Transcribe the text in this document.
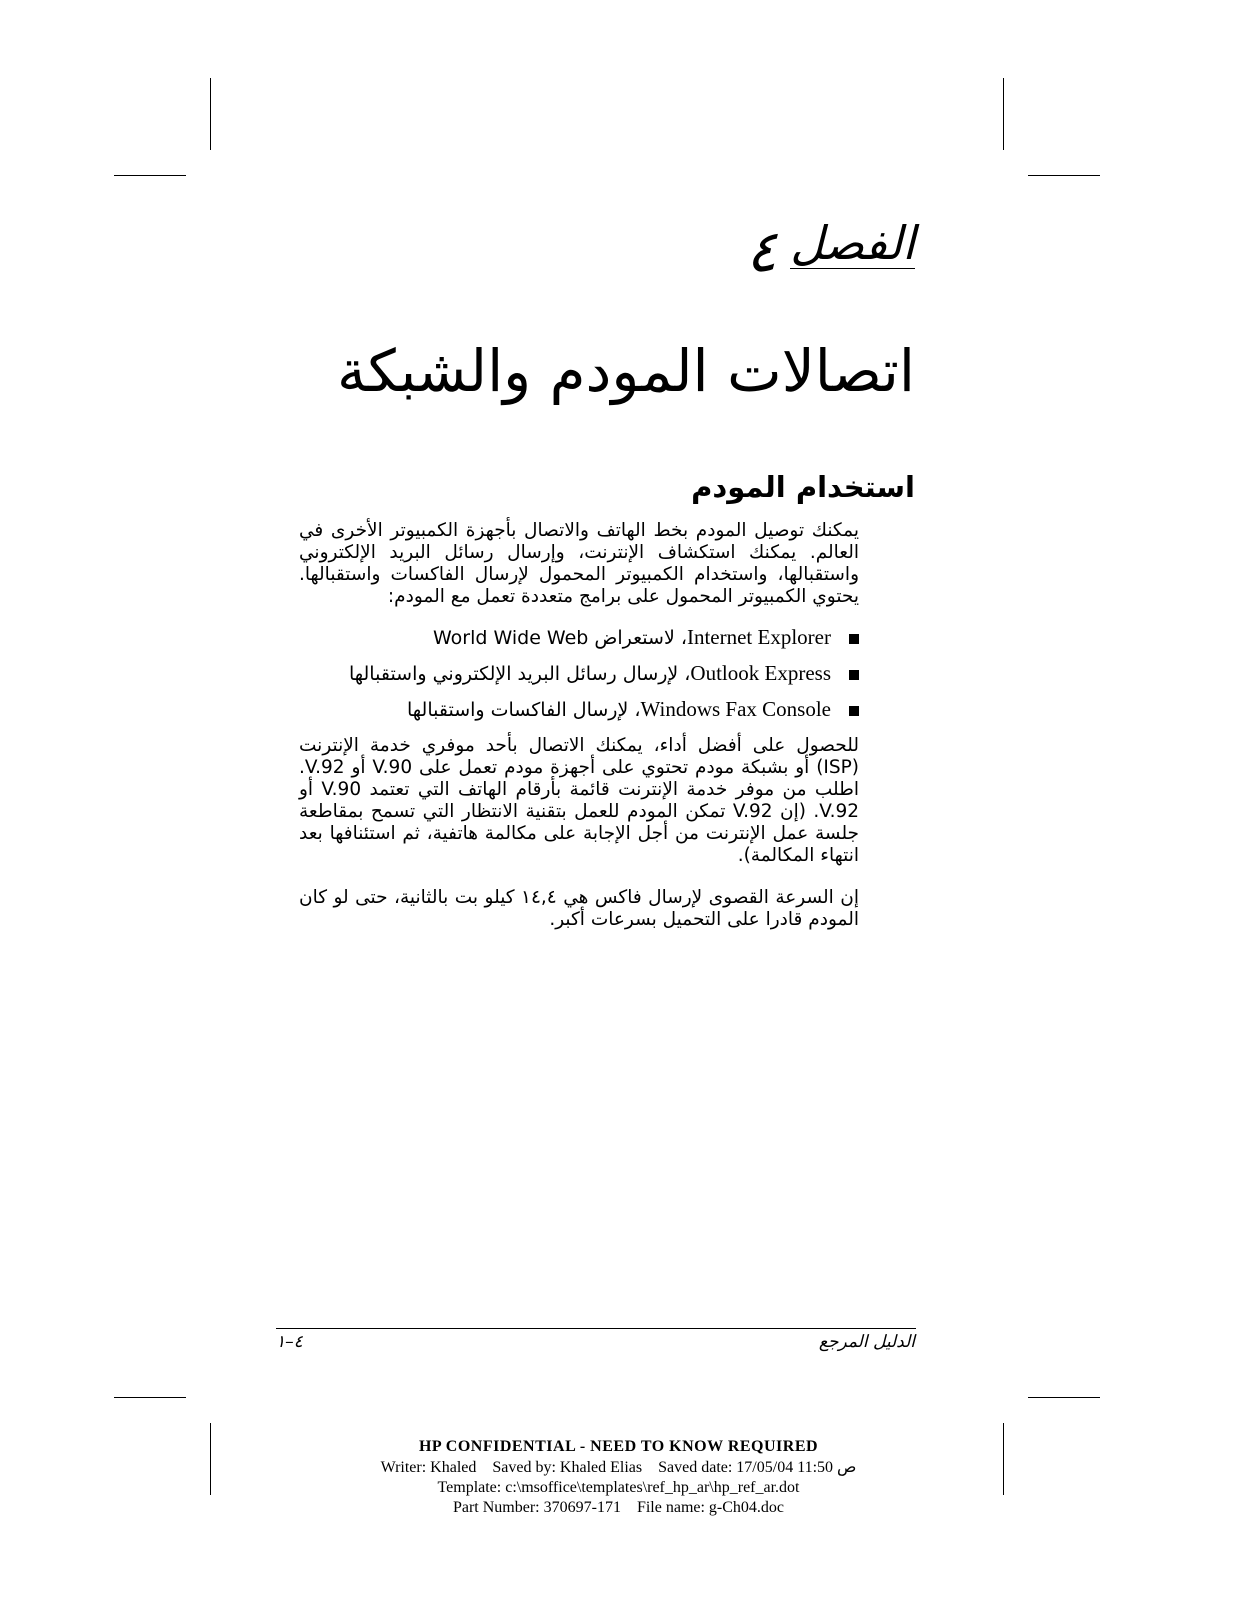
الفصل
٤
اتصالات المودم والشبكة
استخدام المودم

يمكنك توصيل المودم بخط الهاتف والاتصال بأجهزة الكمبيوتر الأخرى في العالم. يمكنك استكشاف الإنترنت، وإرسال رسائل البريد الإلكتروني واستقبالها، واستخدام الكمبيوتر المحمول لإرسال الفاكسات واستقبالها. يحتوي الكمبيوتر المحمول على برامج متعددة تعمل مع المودم:

Internet Explorer، لاستعراض World Wide Web
Outlook Express، لإرسال رسائل البريد الإلكتروني واستقبالها
Windows Fax Console، لإرسال الفاكسات واستقبالها

للحصول على أفضل أداء، يمكنك الاتصال بأحد موفري خدمة الإنترنت (ISP) أو بشبكة مودم تحتوي على أجهزة مودم تعمل على V.90 أو V.92. اطلب من موفر خدمة الإنترنت قائمة بأرقام الهاتف التي تعتمد V.90 أو V.92. (إن V.92 تمكن المودم للعمل بتقنية الانتظار التي تسمح بمقاطعة جلسة عمل الإنترنت من أجل الإجابة على مكالمة هاتفية، ثم استئنافها بعد انتهاء المكالمة).

إن السرعة القصوى لإرسال فاكس هي ١٤,٤ كيلو بت بالثانية، حتى لو كان المودم قادرا على التحميل بسرعات أكبر.

٤–١	الدليل المرجع
HP CONFIDENTIAL - NEED TO KNOW REQUIRED
Writer: Khaled    Saved by: Khaled Elias    Saved date: 17/05/04 11:50 ص
Template: c:\msoffice\templates\ref_hp_ar\hp_ref_ar.dot
Part Number: 370697-171    File name: g-Ch04.doc
